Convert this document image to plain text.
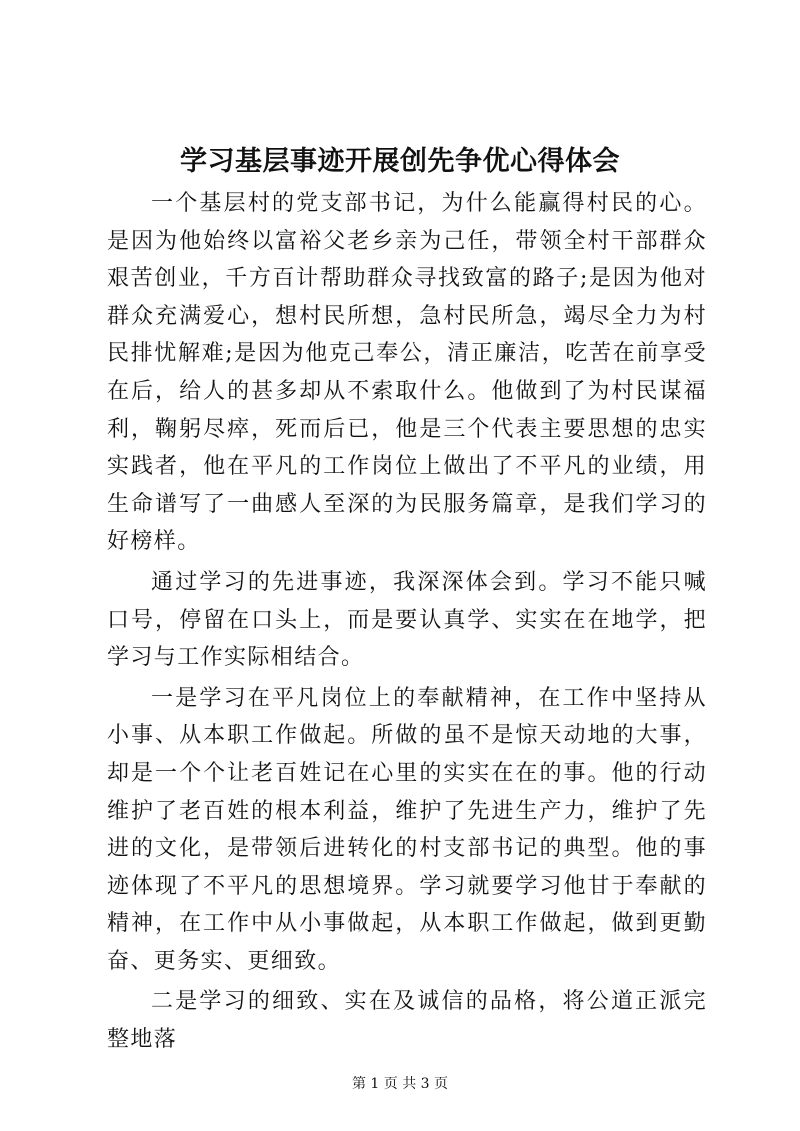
学习基层事迹开展创先争优心得体会

一个基层村的党支部书记，为什么能赢得村民的心。是因为他始终以富裕父老乡亲为己任，带领全村干部群众艰苦创业，千方百计帮助群众寻找致富的路子;是因为他对群众充满爱心，想村民所想，急村民所急，竭尽全力为村民排忧解难;是因为他克己奉公，清正廉洁，吃苦在前享受在后，给人的甚多却从不索取什么。他做到了为村民谋福利，鞠躬尽瘁，死而后已，他是三个代表主要思想的忠实实践者，他在平凡的工作岗位上做出了不平凡的业绩，用生命谱写了一曲感人至深的为民服务篇章，是我们学习的好榜样。

通过学习的先进事迹，我深深体会到。学习不能只喊口号，停留在口头上，而是要认真学、实实在在地学，把学习与工作实际相结合。

一是学习在平凡岗位上的奉献精神，在工作中坚持从小事、从本职工作做起。所做的虽不是惊天动地的大事，却是一个个让老百姓记在心里的实实在在的事。他的行动维护了老百姓的根本利益，维护了先进生产力，维护了先进的文化，是带领后进转化的村支部书记的典型。他的事迹体现了不平凡的思想境界。学习就要学习他甘于奉献的精神，在工作中从小事做起，从本职工作做起，做到更勤奋、更务实、更细致。

二是学习的细致、实在及诚信的品格，将公道正派完整地落

第 1 页 共 3 页
